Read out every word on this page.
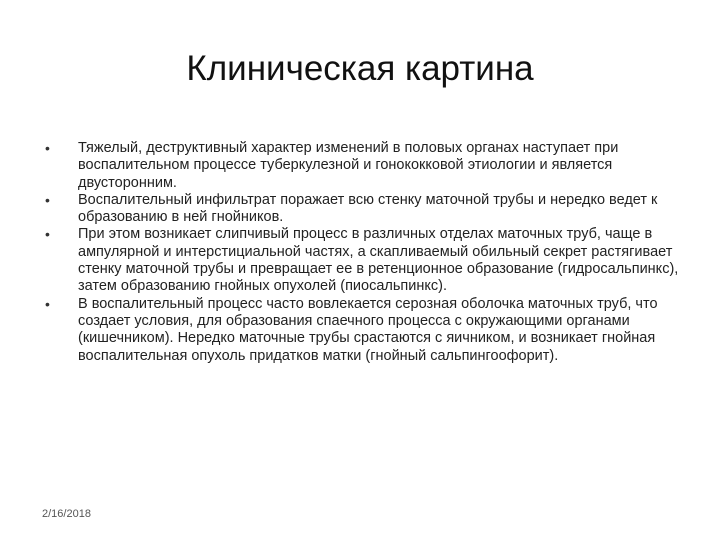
Клиническая картина
•	Тяжелый, деструктивный характер изменений в половых органах наступает при воспалительном процессе туберкулезной и гонококковой этиологии и является двусторонним.
•	Воспалительный инфильтрат поражает всю стенку маточной трубы и нередко ведет к образованию в ней гнойников.
•	При этом возникает слипчивый процесс в различных отделах маточных труб, чаще в ампулярной и интерстициальной частях, а скапливаемый обильный секрет растягивает стенку маточной трубы и превращает ее в ретенционное образование (гидросальпинкс), затем образованию гнойных опухолей (пиосальпинкс).
•	В воспалительный процесс часто вовлекается серозная оболочка маточных труб, что создает условия, для образования спаечного процесса с окружающими органами (кишечником). Нередко маточные трубы срастаются с яичником, и возникает гнойная воспалительная опухоль придатков матки (гнойный сальпингоофорит).
2/16/2018
